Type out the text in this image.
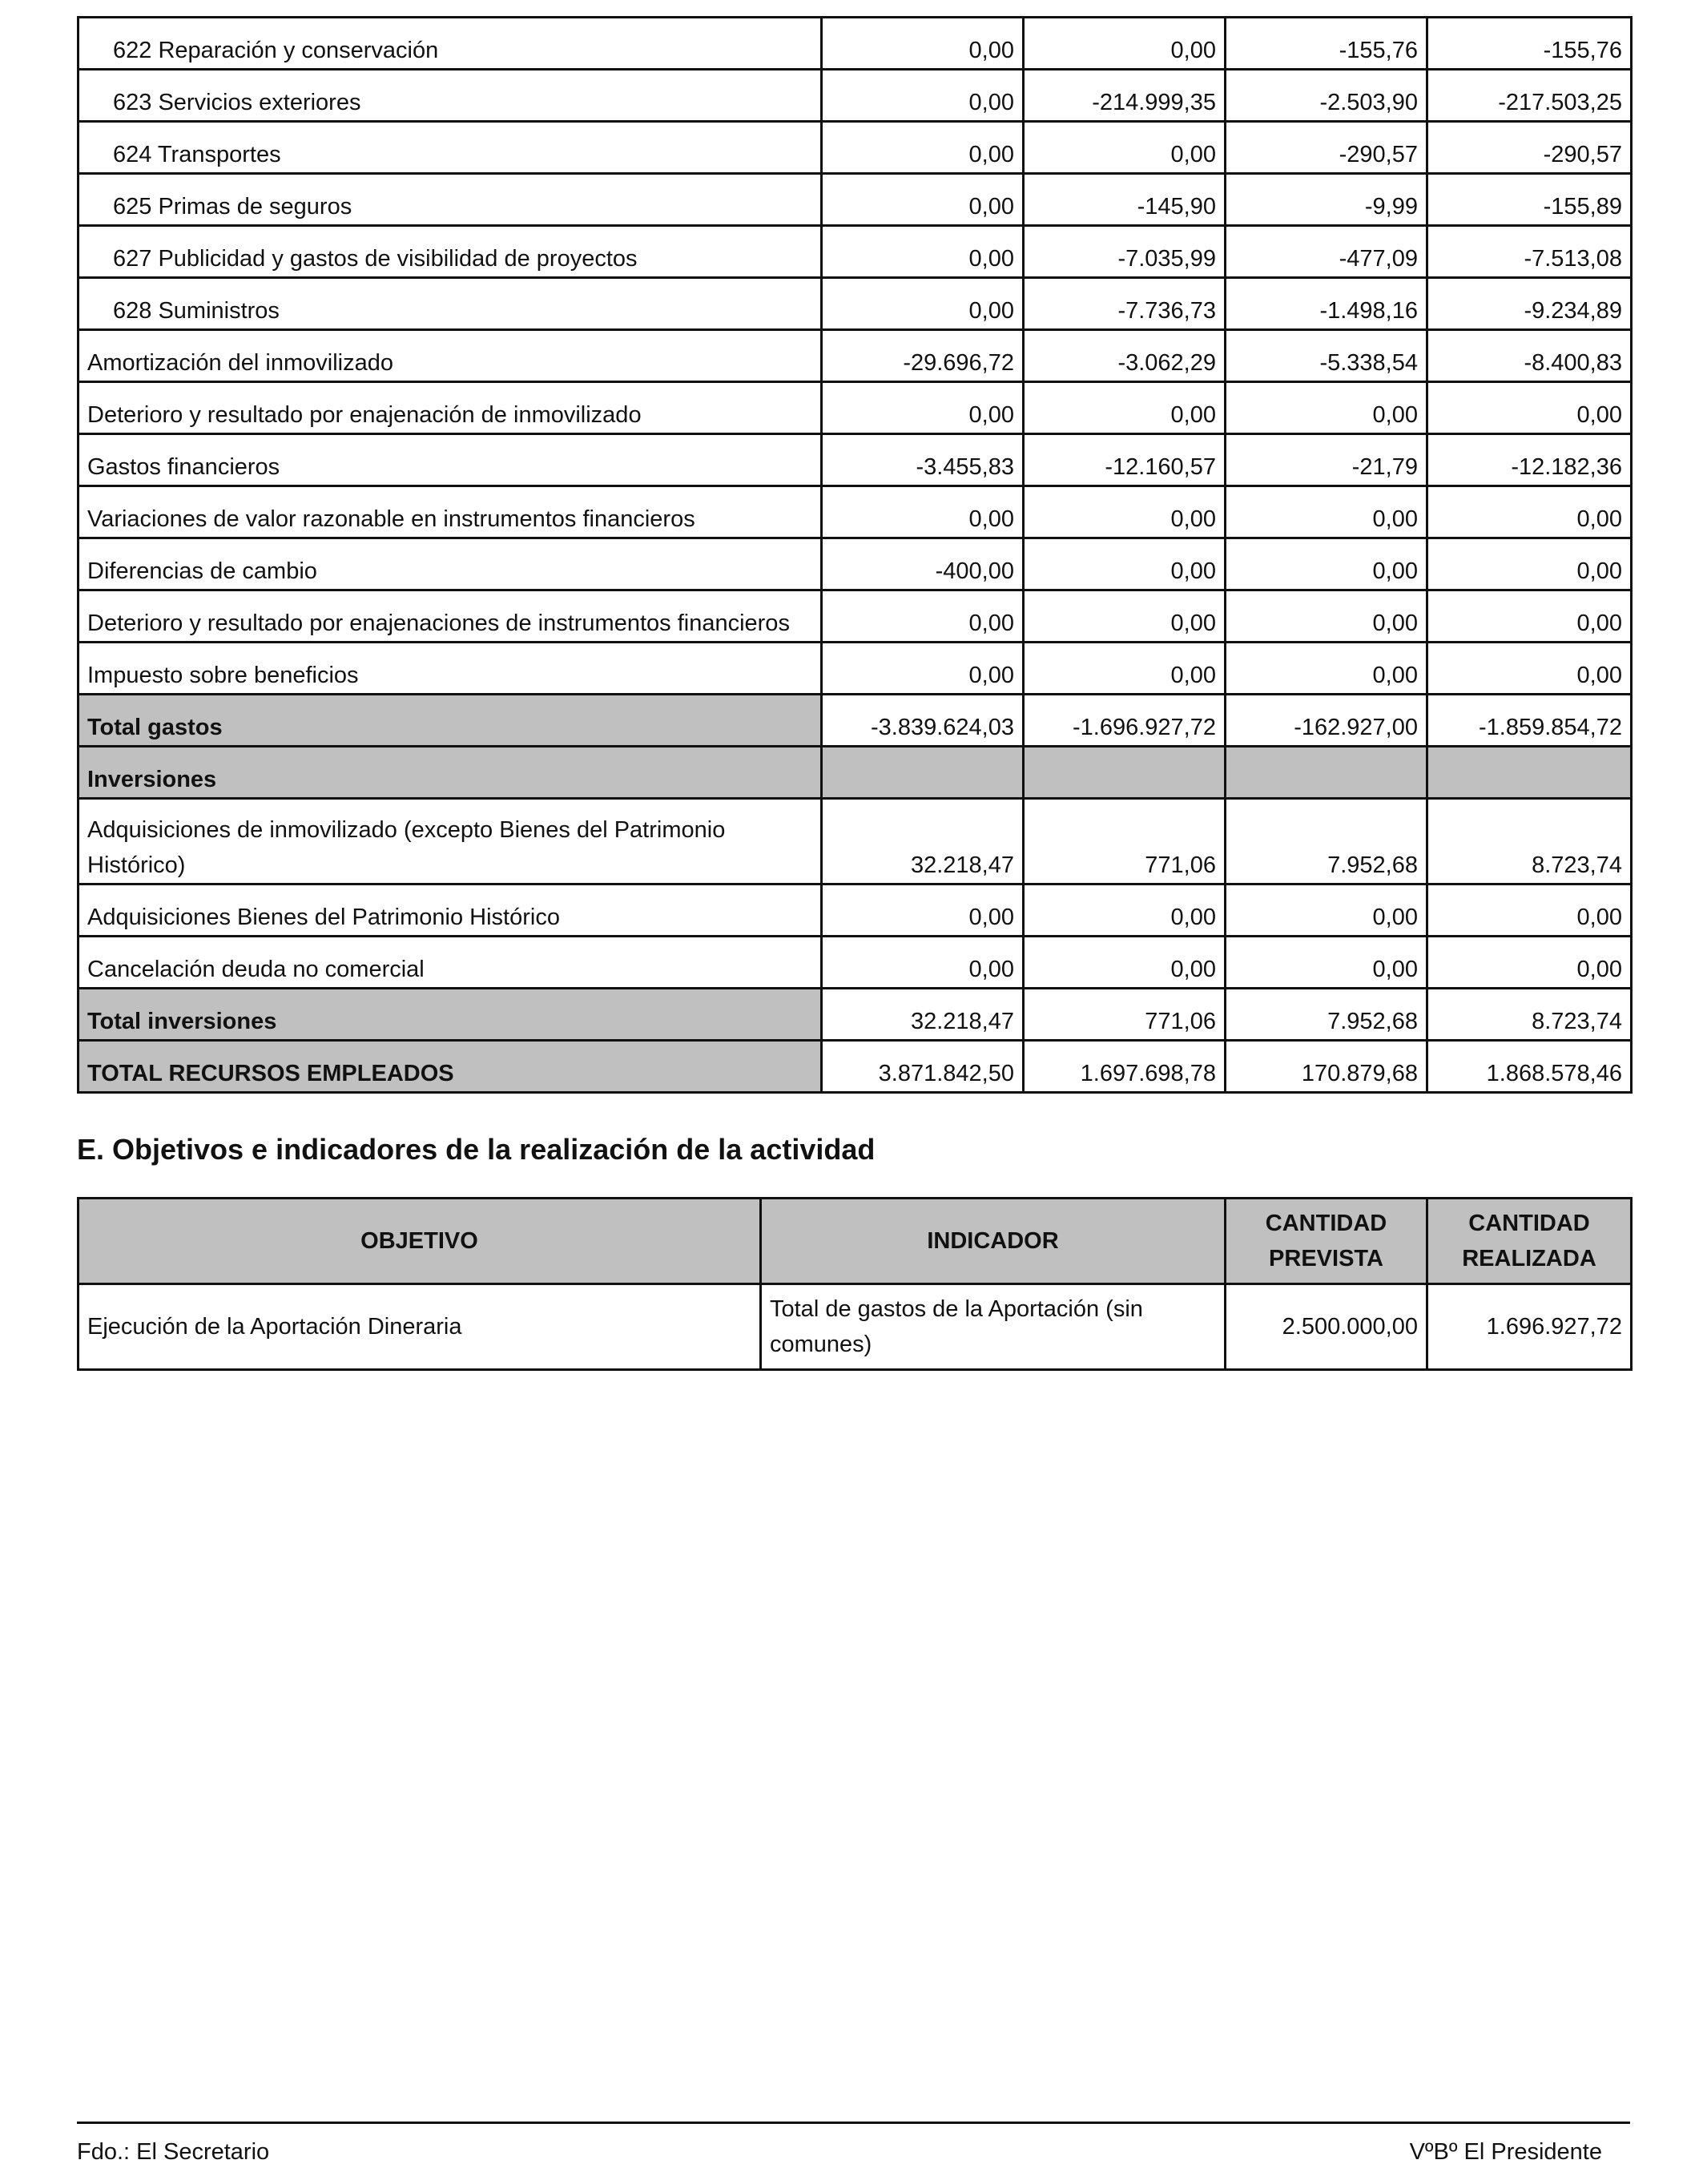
622 Reparación y conservación	0,00	0,00	-155,76	-155,76
623 Servicios exteriores	0,00	-214.999,35	-2.503,90	-217.503,25
624 Transportes	0,00	0,00	-290,57	-290,57
625 Primas de seguros	0,00	-145,90	-9,99	-155,89
627 Publicidad y gastos de visibilidad de proyectos	0,00	-7.035,99	-477,09	-7.513,08
628 Suministros	0,00	-7.736,73	-1.498,16	-9.234,89
Amortización del inmovilizado	-29.696,72	-3.062,29	-5.338,54	-8.400,83
Deterioro y resultado por enajenación de inmovilizado	0,00	0,00	0,00	0,00
Gastos financieros	-3.455,83	-12.160,57	-21,79	-12.182,36
Variaciones de valor razonable en instrumentos financieros	0,00	0,00	0,00	0,00
Diferencias de cambio	-400,00	0,00	0,00	0,00
Deterioro y resultado por enajenaciones de instrumentos financieros	0,00	0,00	0,00	0,00
Impuesto sobre beneficios	0,00	0,00	0,00	0,00
Total gastos	-3.839.624,03	-1.696.927,72	-162.927,00	-1.859.854,72
Inversiones				
Adquisiciones de inmovilizado (excepto Bienes del Patrimonio Histórico)	32.218,47	771,06	7.952,68	8.723,74
Adquisiciones Bienes del Patrimonio Histórico	0,00	0,00	0,00	0,00
Cancelación deuda no comercial	0,00	0,00	0,00	0,00
Total inversiones	32.218,47	771,06	7.952,68	8.723,74
TOTAL RECURSOS EMPLEADOS	3.871.842,50	1.697.698,78	170.879,68	1.868.578,46
E. Objetivos e indicadores de la realización de la actividad
OBJETIVO	INDICADOR	CANTIDAD PREVISTA	CANTIDAD REALIZADA
Ejecución de la Aportación Dineraria	Total de gastos de la Aportación (sin comunes)	2.500.000,00	1.696.927,72
Fdo.: El Secretario	VºBº El Presidente
